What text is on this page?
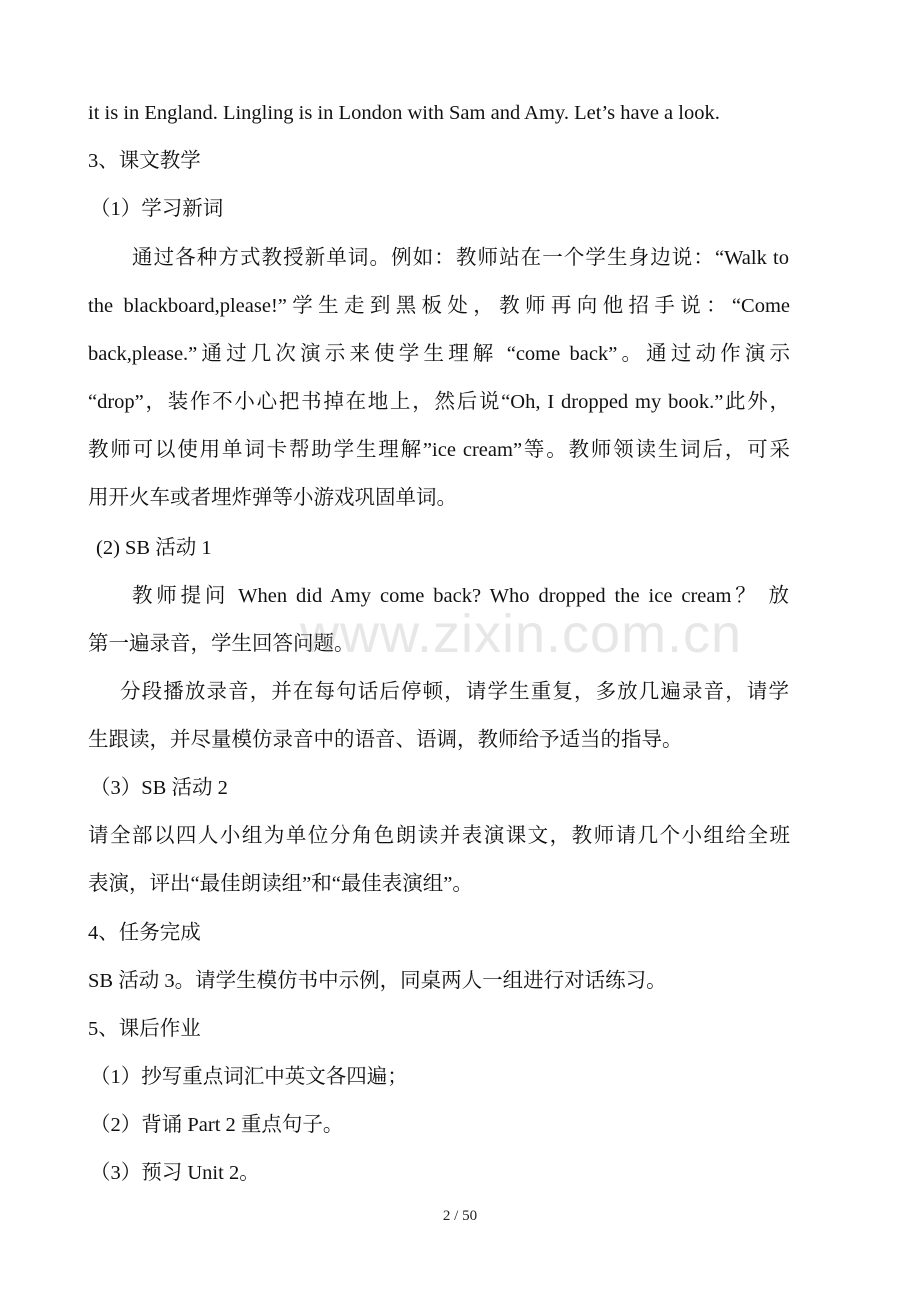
it is in England. Lingling is in London with Sam and Amy. Let’s have a look.
3、课文教学
（1）学习新词
通过各种方式教授新单词。例如：教师站在一个学生身边说：“Walk to
the blackboard,please!”学生走到黑板处，教师再向他招手说：“Come
back,please.”通过几次演示来使学生理解 “come back”。通过动作演示
“drop”，装作不小心把书掉在地上，然后说“Oh, I dropped my book.”此外，
教师可以使用单词卡帮助学生理解”ice cream”等。教师领读生词后，可采
用开火车或者埋炸弹等小游戏巩固单词。
(2) SB 活动 1
教师提问 When did Amy come back? Who dropped the ice cream？ 放
第一遍录音，学生回答问题。
分段播放录音，并在每句话后停顿，请学生重复，多放几遍录音，请学
生跟读，并尽量模仿录音中的语音、语调，教师给予适当的指导。
（3）SB 活动 2
请全部以四人小组为单位分角色朗读并表演课文，教师请几个小组给全班
表演，评出“最佳朗读组”和“最佳表演组”。
4、任务完成
SB 活动 3。请学生模仿书中示例，同桌两人一组进行对话练习。
5、课后作业
（1）抄写重点词汇中英文各四遍；
（2）背诵 Part 2 重点句子。
（3）预习 Unit 2。
www.zixin.com.cn
2 / 50
